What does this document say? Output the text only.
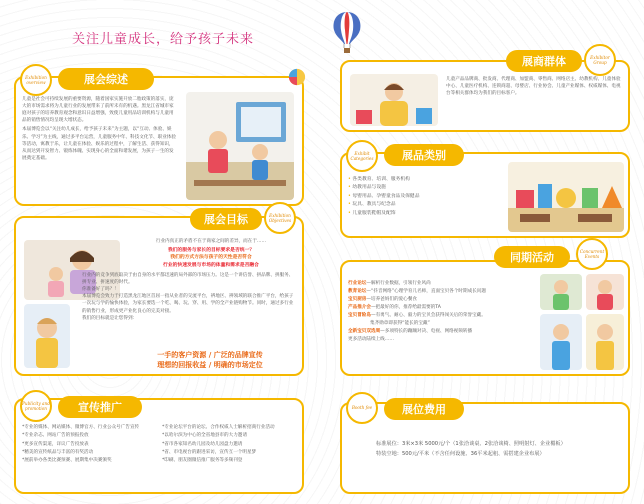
关注儿童成长，给予孩子未来
Exhibition overview	展会综述

儿童是社会可持续发展的重要资源，随着国家实施开放二胎政策的落实，庞大的市场需求将为儿童行业的发展带来了前所未有的机遇。黑龙江省城市家庭对孩子的培养教育观念和意识日益增强，致使儿童用品培训机构与儿童用品的销售情况均呈现大增状态。

本届博览会以“关注幼儿成长，给予孩子未来”为主题，以“互动、体验、娱乐、学习”为主线，通过多平台运营，儿童服务中年、科技文化节、职业体验等活动，寓教于乐，让儿童在体验、娱乐的过程中，了解生活、获得知识，从而达到开发智力、锻炼体魄、实现身心的全面和谐发展，为孩子一生的发展奠定基础。

展会目标	Exhibition Objectives
行业内真正的矛盾不在于商家之间的差异，而在于……
我们的服务与家长的目标要求是否统一？
我们的方式方法与孩子的天性是否符合
行业的快速发展与市场的体量和需求是否融合

行业内的竞争到底取决于由自身的水平都迅速的局外部的市场压力。这是一个讲信誉、拼品牌、拼服务、拼专业、拼速度的时代。

你准备好了吗？！

本届博览会致力于打造黑龙江地区首屈一指从业者的交流平台，辨地区、辨领域的联合推广平台，给孩子一次玩与学的愉快体验，为家长要选一个吃、喝、玩、穿、用、学的全产业链购物节。同时，通过多行业的销售行业，形成更产业化良心的完美对接。

我们的目标就是让您得到：

一手的客户资源 / 广泛的品牌宣传
理想的回报收益 / 明确的市场定位
Publicity and promotion	宣传推广
*专业的媒体、网站媒体、微博官方、行业公众号广告宣传
*专业杂志、网站广告的预报投放
*更多宣传渠道，详议广告投放表
*精美的宣传纸品与丰富的有奖活动
*展前举办各类比赛预赛、展期集中决赛颁奖
*专业论坛平台的论坛、合作权威人士解析招商行业活动
*以哈尔滨为中心的全省地县市的大力邀请
*省市各家知名幼儿园及幼儿园盘力邀请
*省、市电视台的跟进采访，宣传互一个明星梦
*印刷、朋友圈微信推广服务等多频刊登
展商群体	Exhibitor Group
儿童产品品牌商、批发商、代理商、加盟商、零售商、网络店主、幼教机构、儿童体验中心、儿童医疗机构、连锁商超、母婴店、行业协会、儿童产业媒体、权威媒体、电视台等相关群体均为我们的目标客户。
Exhibit Categories	展品类别
• 各类教育、培训、服务机构
• 幼教用品与设施
• 母婴用品、孕婴童食品及保健品
• 玩具、教具与纪念品
• 儿童服装鞋帽及配饰
同期活动	Concurrent Events
行业论坛—解析行业数据，引领行业风尚
教育论坛—“抖音网络”心理学育儿名师，直面宝贝各个时期成长问题
宝贝厨房—培养爸妈们的爱心餐食
产品推介会—把最好的你，推荐给最需要的TA
宝贝冒险岛—有勇气、耐心、毅力的宝贝会获得闯关后的荣誉宝藏。
集齐勋章即获得“能长的宝藏”
全新宝贝双选周—多项特长的蹦蹦对决、电视、网络视频转播
更多活动陆续上线……
Booth fee	展位费用
标准展位：3米×3米 5000元/个（1张洽谈桌、2张洽谈椅、照明射灯、企业楣板）
特装空地：500元/平米（不含任何设施、36平米起租、需搭建企业布展）
